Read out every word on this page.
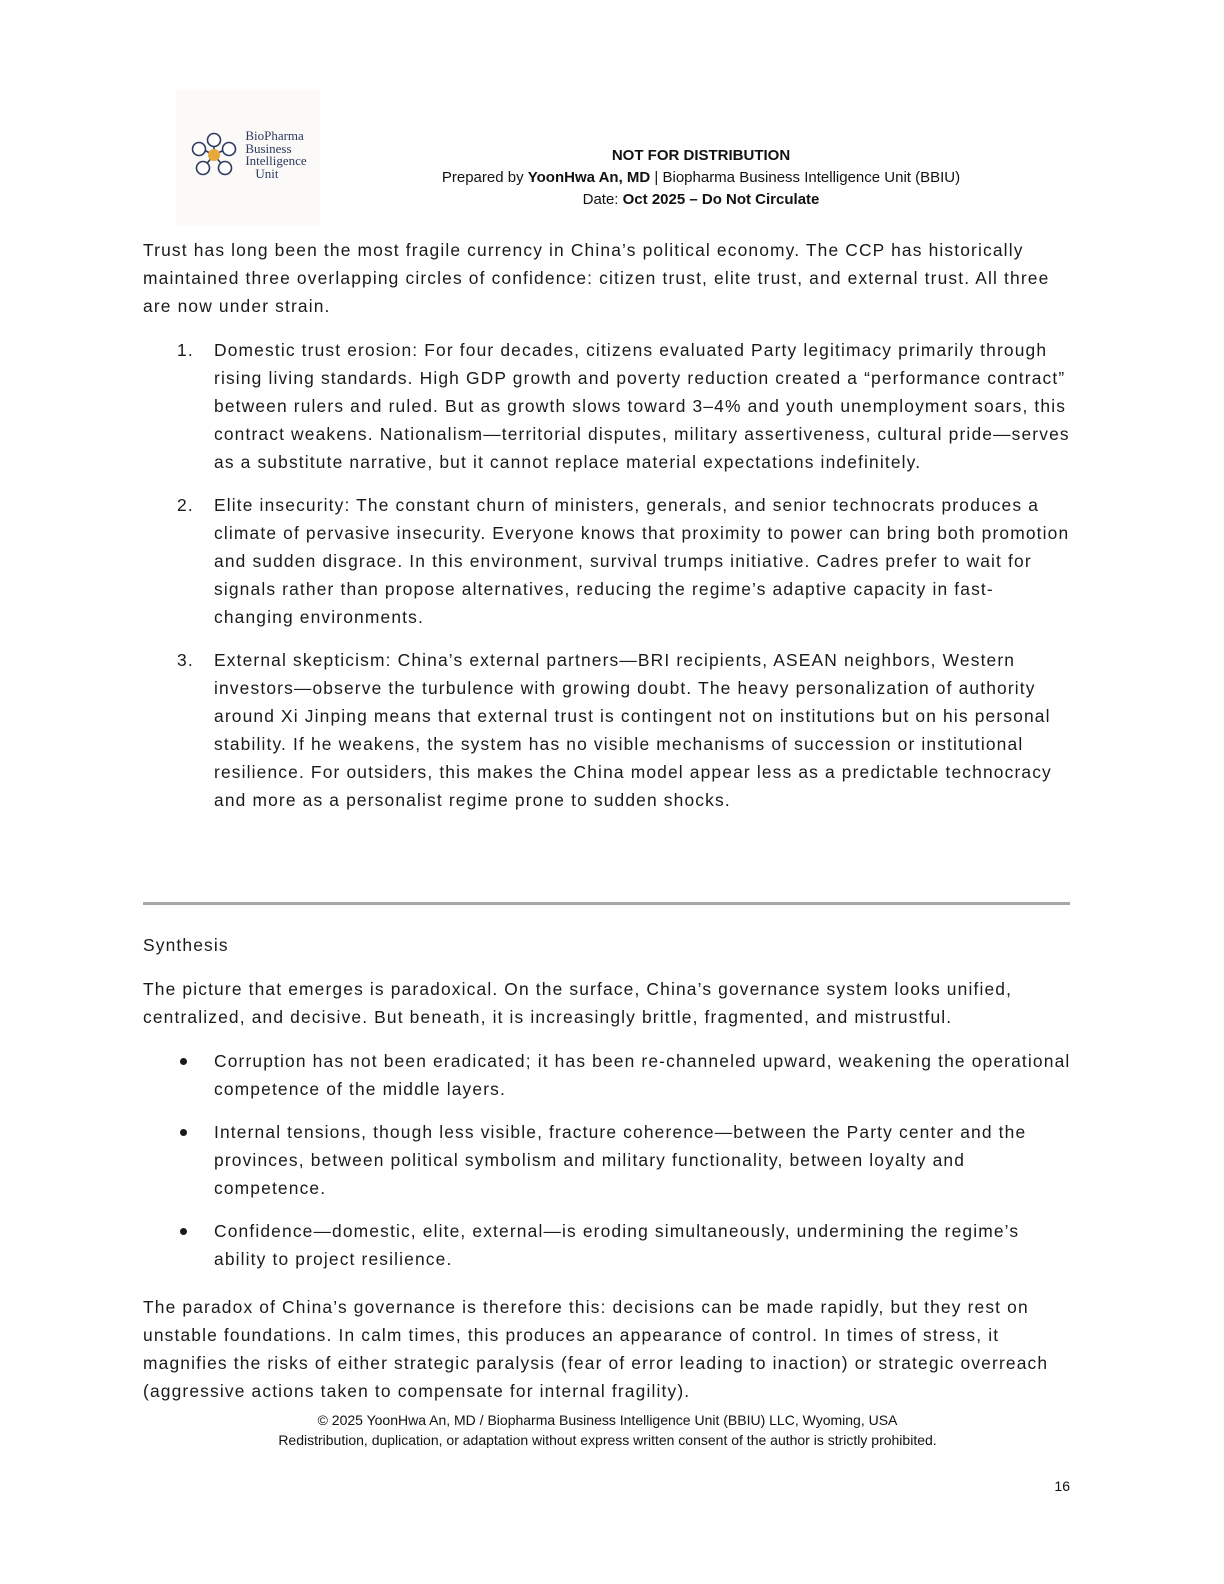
BioPharma
Business
Intelligence
Unit
NOT FOR DISTRIBUTION
Prepared by YoonHwa An, MD | Biopharma Business Intelligence Unit (BBIU)
Date: Oct 2025 – Do Not Circulate

Trust has long been the most fragile currency in China’s political economy. The CCP has historically maintained three overlapping circles of confidence: citizen trust, elite trust, and external trust. All three are now under strain.

1. Domestic trust erosion: For four decades, citizens evaluated Party legitimacy primarily through rising living standards. High GDP growth and poverty reduction created a “performance contract” between rulers and ruled. But as growth slows toward 3–4% and youth unemployment soars, this contract weakens. Nationalism—territorial disputes, military assertiveness, cultural pride—serves as a substitute narrative, but it cannot replace material expectations indefinitely.
2. Elite insecurity: The constant churn of ministers, generals, and senior technocrats produces a climate of pervasive insecurity. Everyone knows that proximity to power can bring both promotion and sudden disgrace. In this environment, survival trumps initiative. Cadres prefer to wait for signals rather than propose alternatives, reducing the regime’s adaptive capacity in fast-changing environments.
3. External skepticism: China’s external partners—BRI recipients, ASEAN neighbors, Western investors—observe the turbulence with growing doubt. The heavy personalization of authority around Xi Jinping means that external trust is contingent not on institutions but on his personal stability. If he weakens, the system has no visible mechanisms of succession or institutional resilience. For outsiders, this makes the China model appear less as a predictable technocracy and more as a personalist regime prone to sudden shocks.

Synthesis

The picture that emerges is paradoxical. On the surface, China’s governance system looks unified, centralized, and decisive. But beneath, it is increasingly brittle, fragmented, and mistrustful.

Corruption has not been eradicated; it has been re-channeled upward, weakening the operational competence of the middle layers.
Internal tensions, though less visible, fracture coherence—between the Party center and the provinces, between political symbolism and military functionality, between loyalty and competence.
Confidence—domestic, elite, external—is eroding simultaneously, undermining the regime’s ability to project resilience.

The paradox of China’s governance is therefore this: decisions can be made rapidly, but they rest on unstable foundations. In calm times, this produces an appearance of control. In times of stress, it magnifies the risks of either strategic paralysis (fear of error leading to inaction) or strategic overreach (aggressive actions taken to compensate for internal fragility).

© 2025 YoonHwa An, MD / Biopharma Business Intelligence Unit (BBIU) LLC, Wyoming, USA
Redistribution, duplication, or adaptation without express written consent of the author is strictly prohibited.
16
